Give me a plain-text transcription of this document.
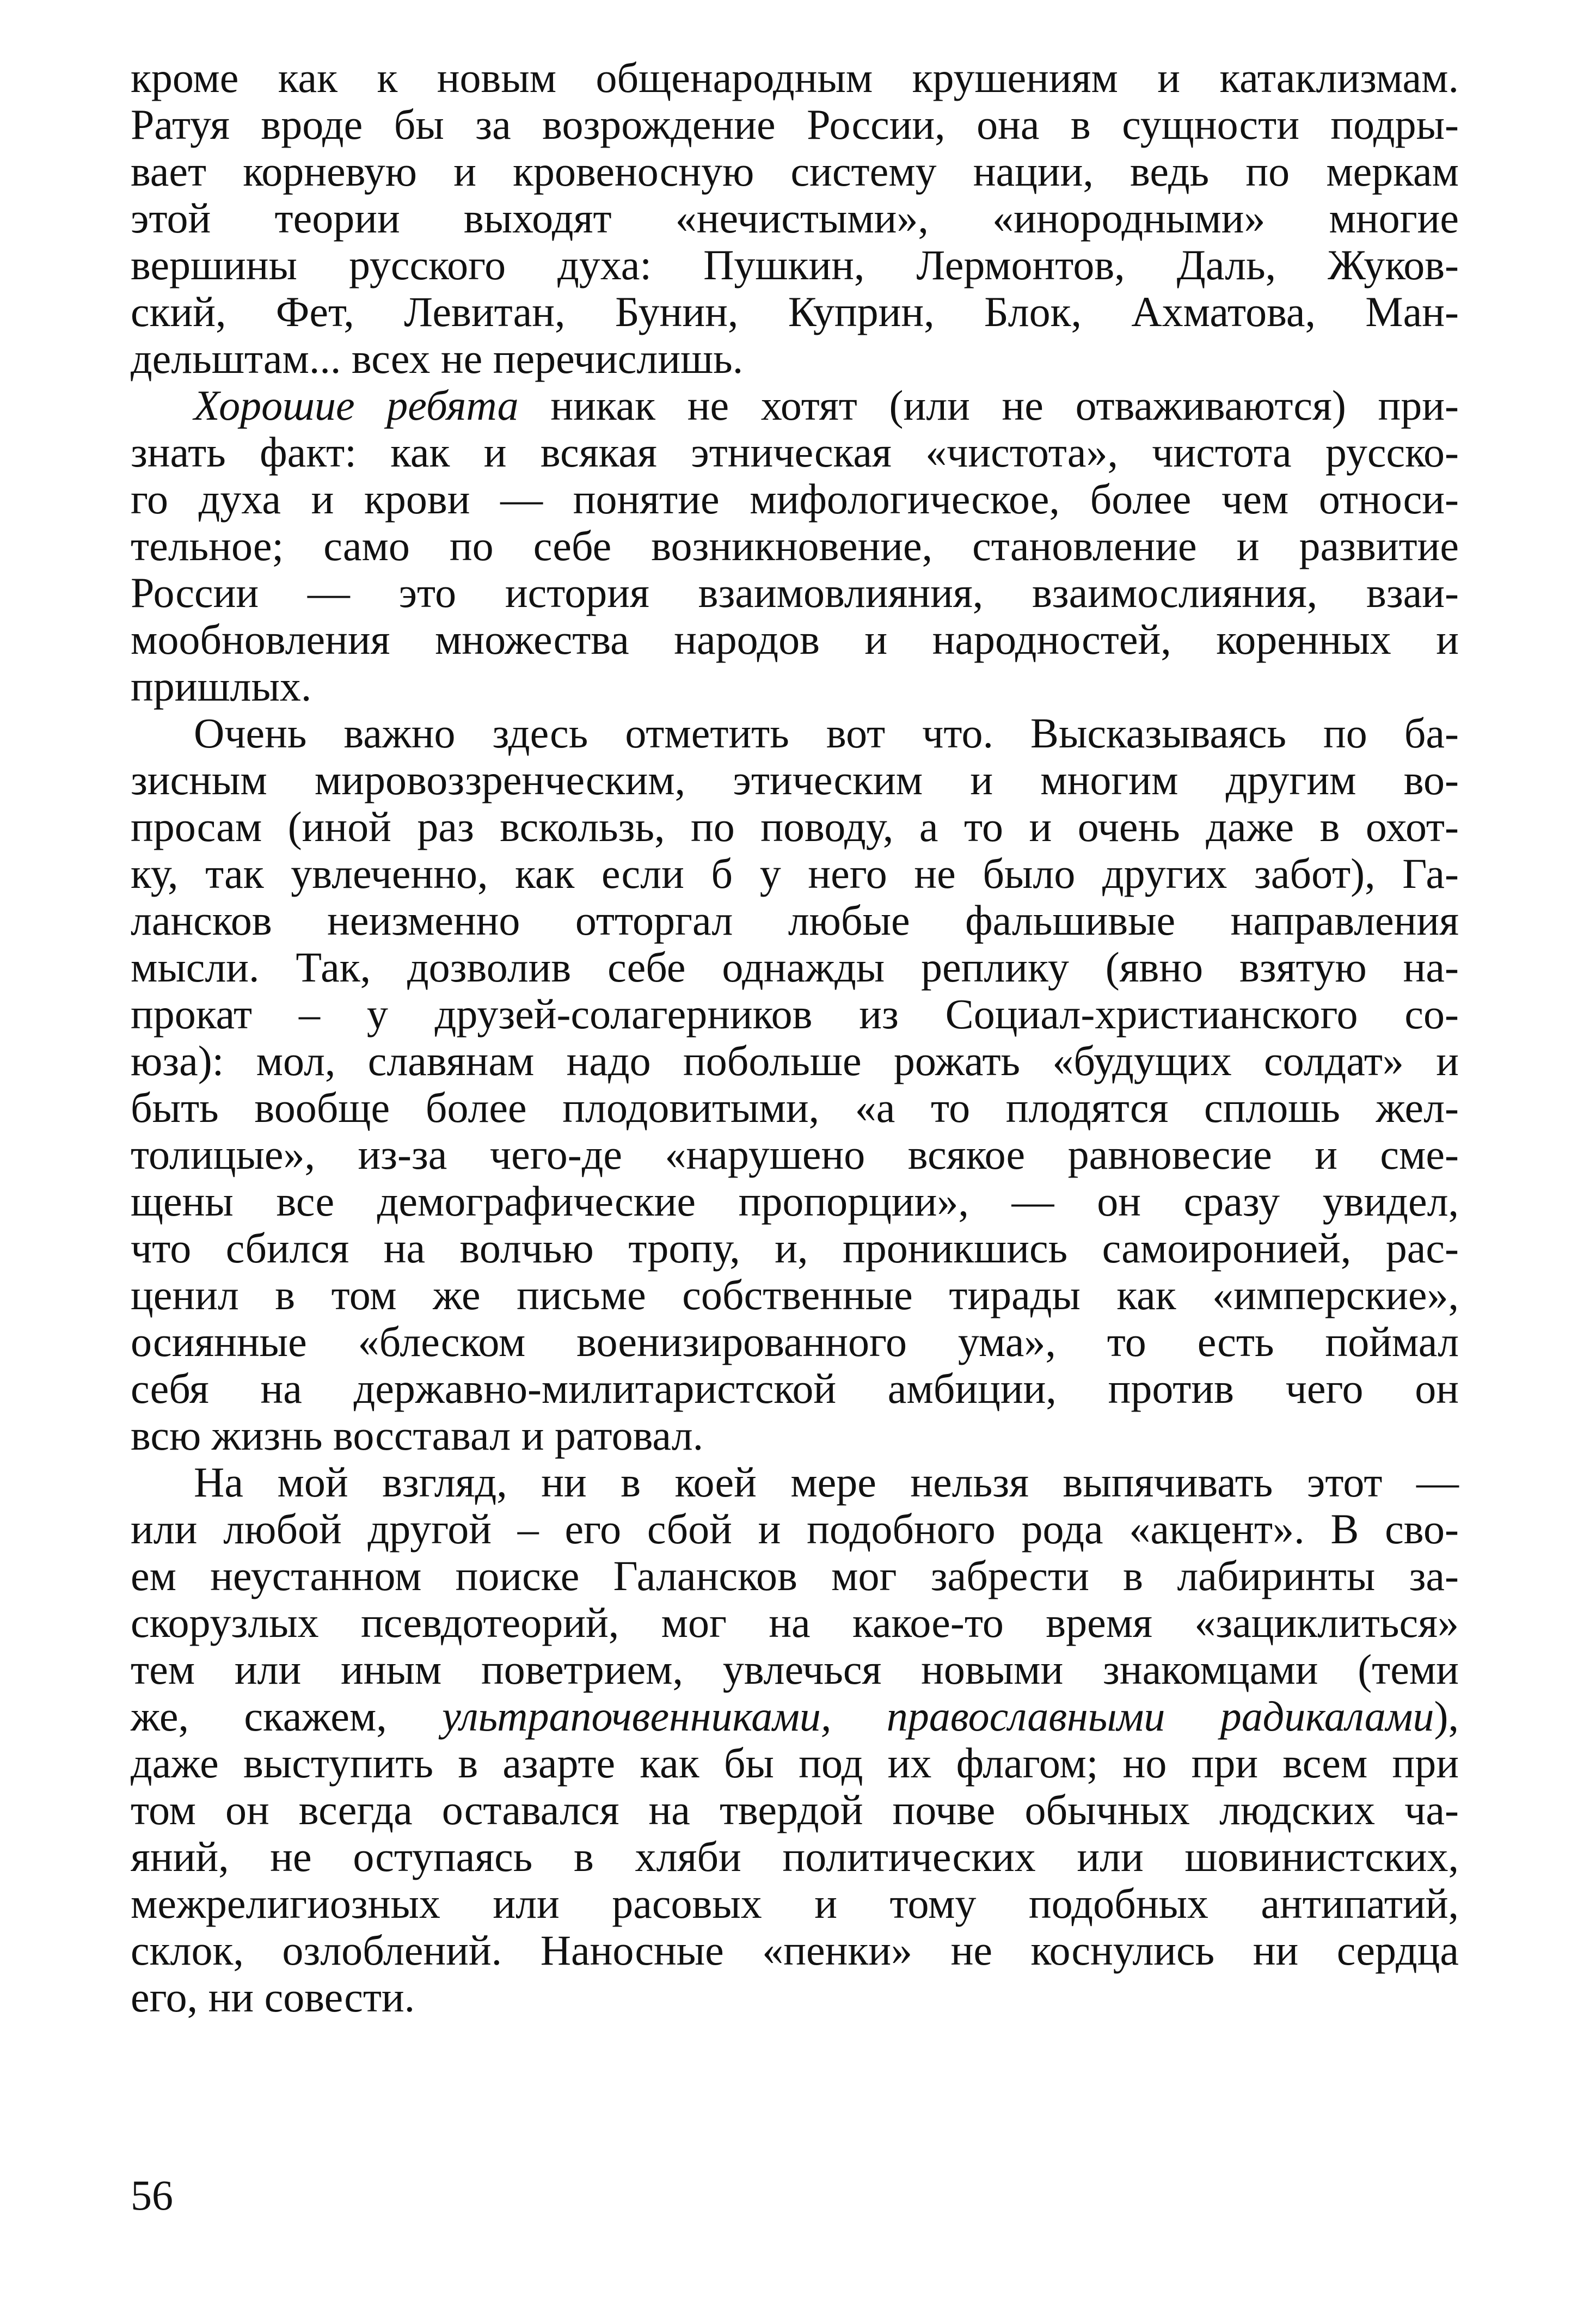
кроме как к новым общенародным крушениям и катаклизмам.
Ратуя вроде бы за возрождение России, она в сущности подры-
вает корневую и кровеносную систему нации, ведь по меркам
этой теории выходят «нечистыми», «инородными» многие
вершины русского духа: Пушкин, Лермонтов, Даль, Жуков-
ский, Фет, Левитан, Бунин, Куприн, Блок, Ахматова, Ман-
дельштам... всех не перечислишь.
Хорошие ребята никак не хотят (или не отваживаются) при-
знать факт: как и всякая этническая «чистота», чистота русско-
го духа и крови — понятие мифологическое, более чем относи-
тельное; само по себе возникновение, становление и развитие
России — это история взаимовлияния, взаимослияния, взаи-
мообновления множества народов и народностей, коренных и
пришлых.
Очень важно здесь отметить вот что. Высказываясь по ба-
зисным мировоззренческим, этическим и многим другим во-
просам (иной раз вскользь, по поводу, а то и очень даже в охот-
ку, так увлеченно, как если б у него не было других забот), Га-
лансков неизменно отторгал любые фальшивые направления
мысли. Так, дозволив себе однажды реплику (явно взятую на-
прокат – у друзей-солагерников из Социал-христианского со-
юза): мол, славянам надо побольше рожать «будущих солдат» и
быть вообще более плодовитыми, «а то плодятся сплошь жел-
толицые», из-за чего-де «нарушено всякое равновесие и сме-
щены все демографические пропорции», — он сразу увидел,
что сбился на волчью тропу, и, проникшись самоиронией, рас-
ценил в том же письме собственные тирады как «имперские»,
осиянные «блеском военизированного ума», то есть поймал
себя на державно-милитаристской амбиции, против чего он
всю жизнь восставал и ратовал.
На мой взгляд, ни в коей мере нельзя выпячивать этот —
или любой другой – его сбой и подобного рода «акцент». В сво-
ем неустанном поиске Галансков мог забрести в лабиринты за-
скорузлых псевдотеорий, мог на какое-то время «зациклиться»
тем или иным поветрием, увлечься новыми знакомцами (теми
же, скажем, ультрапочвенниками, православными радикалами),
даже выступить в азарте как бы под их флагом; но при всем при
том он всегда оставался на твердой почве обычных людских ча-
яний, не оступаясь в хляби политических или шовинистских,
межрелигиозных или расовых и тому подобных антипатий,
склок, озлоблений. Наносные «пенки» не коснулись ни сердца
его, ни совести.
56
